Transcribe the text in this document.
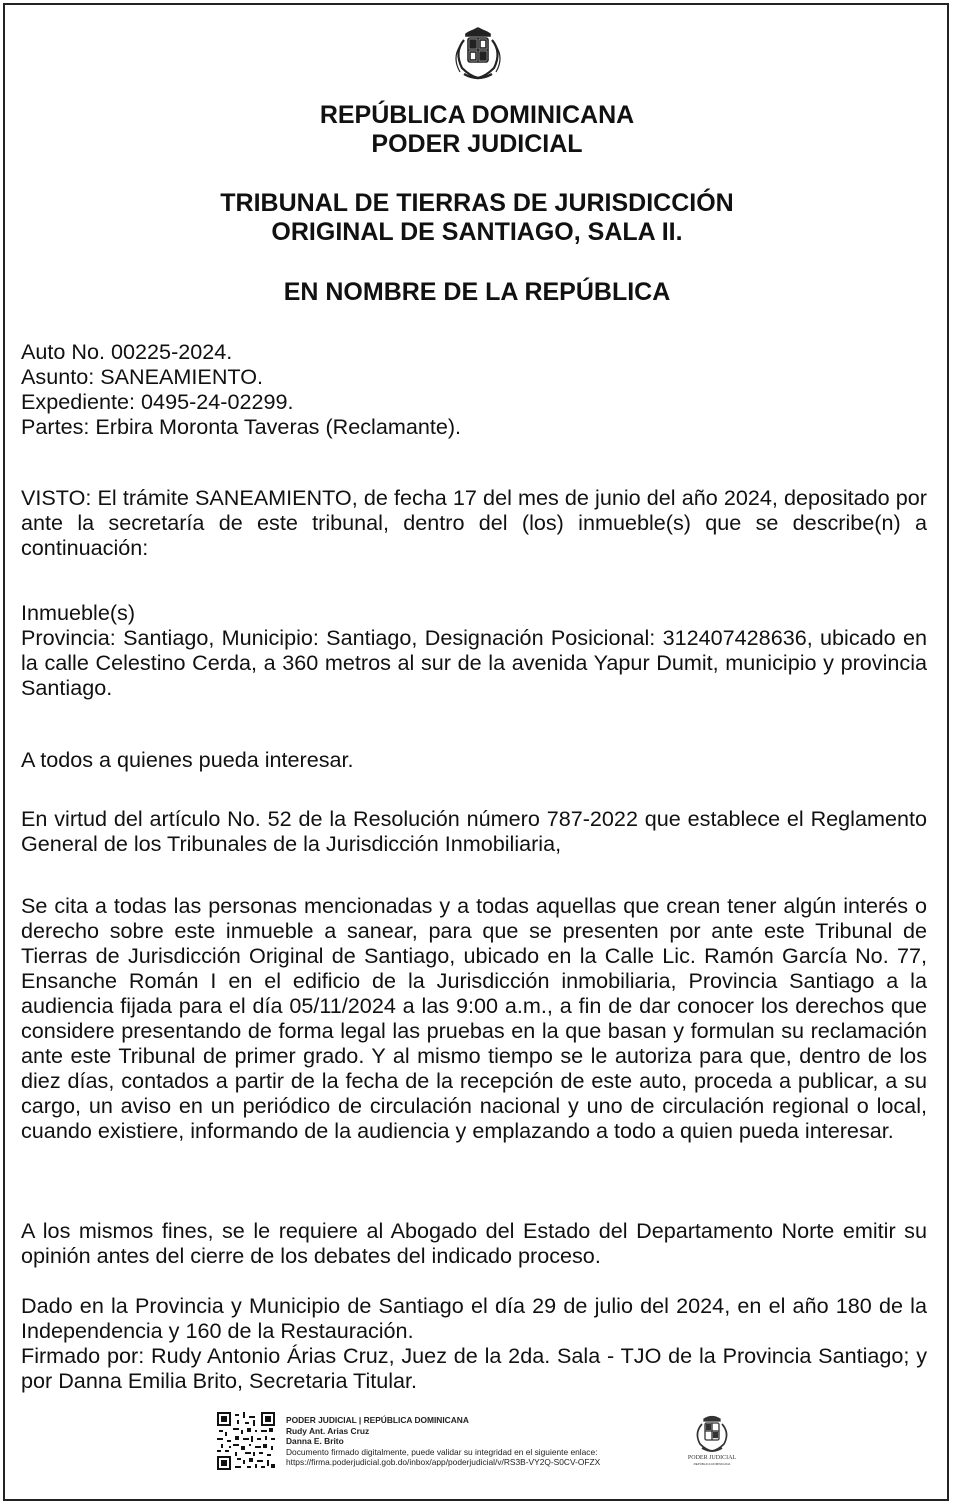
REPÚBLICA DOMINICANA

PODER JUDICIAL

TRIBUNAL DE TIERRAS DE JURISDICCIÓN

ORIGINAL DE SANTIAGO, SALA II.

EN NOMBRE DE LA REPÚBLICA

Auto No. 00225-2024.
Asunto: SANEAMIENTO.
Expediente: 0495-24-02299.
Partes: Erbira Moronta Taveras (Reclamante).

VISTO: El trámite SANEAMIENTO, de fecha 17 del mes de junio del año 2024, depositado por ante la secretaría de este tribunal, dentro del (los) inmueble(s) que se describe(n) a continuación:

Inmueble(s)
Provincia: Santiago, Municipio: Santiago, Designación Posicional: 312407428636, ubicado en la calle Celestino Cerda, a 360 metros al sur de la avenida Yapur Dumit, municipio y provincia Santiago.

A todos a quienes pueda interesar.

En virtud del artículo No. 52 de la Resolución número 787-2022 que establece el Reglamento General de los Tribunales de la Jurisdicción Inmobiliaria,

Se cita a todas las personas mencionadas y a todas aquellas que crean tener algún interés o derecho sobre este inmueble a sanear, para que se presenten por ante este Tribunal de Tierras de Jurisdicción Original de Santiago, ubicado en la Calle Lic. Ramón García No. 77, Ensanche Román I en el edificio de la Jurisdicción inmobiliaria, Provincia Santiago a la audiencia fijada para el día 05/11/2024 a las 9:00 a.m., a fin de dar conocer los derechos que considere presentando de forma legal las pruebas en la que basan y formulan su reclamación ante este Tribunal de primer grado. Y al mismo tiempo se le autoriza para que, dentro de los diez días, contados a partir de la fecha de la recepción de este auto, proceda a publicar, a su cargo, un aviso en un periódico de circulación nacional y uno de circulación regional o local, cuando existiere, informando de la audiencia y emplazando a todo a quien pueda interesar.

A los mismos fines, se le requiere al Abogado del Estado del Departamento Norte emitir su opinión antes del cierre de los debates del indicado proceso.

Dado en la Provincia y Municipio de Santiago el día 29 de julio del 2024, en el año 180 de la Independencia y 160 de la Restauración.

Firmado por: Rudy Antonio Árias Cruz, Juez de la 2da. Sala - TJO de la Provincia Santiago; y por Danna Emilia Brito, Secretaria Titular.

PODER JUDICIAL | REPÚBLICA DOMINICANA
Rudy Ant. Arias Cruz
Danna E. Brito
Documento firmado digitalmente, puede validar su integridad en el siguiente enlace:
https://firma.poderjudicial.gob.do/inbox/app/poderjudicial/v/RS3B-VY2Q-S0CV-OFZX	PODER JUDICIAL
REPÚBLICA DOMINICANA
